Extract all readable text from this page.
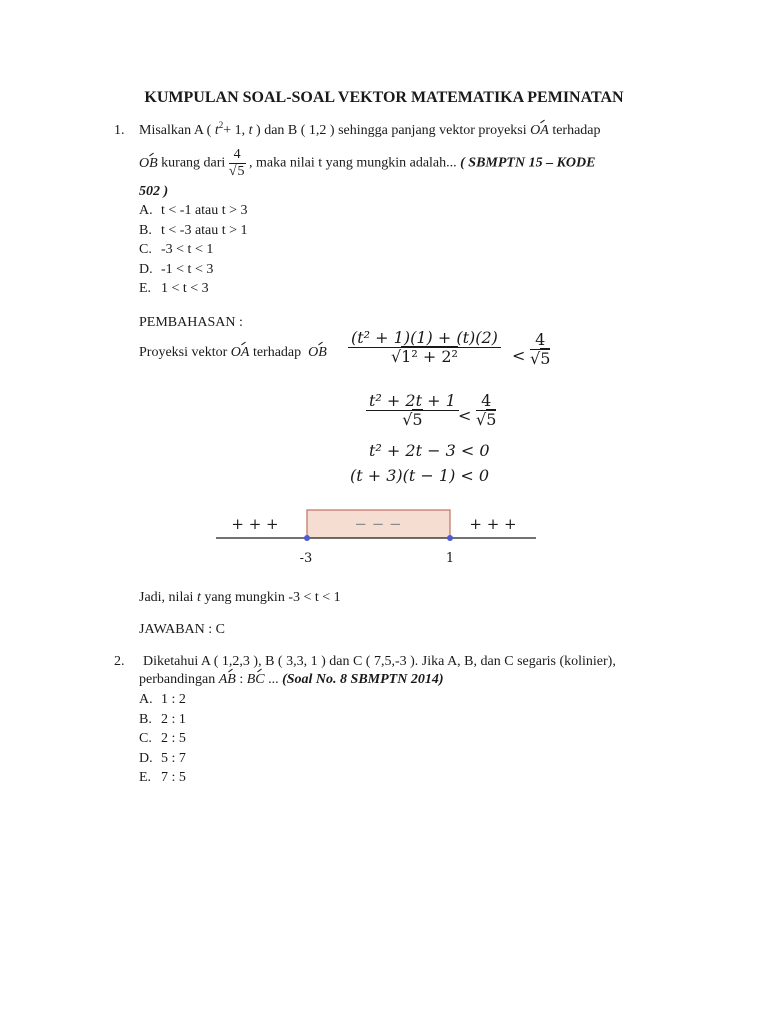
KUMPULAN SOAL-SOAL VEKTOR MATEMATIKA PEMINATAN
1. Misalkan A ( $t^2+ 1$, t ) dan B ( 1,2 ) sehingga panjang vektor proyeksi OA terhadap
OB kurang dari $\frac{4}{√5}$ , maka nilai t yang mungkin adalah... ( SBMPTN 15 – KODE
502 )
A. t < -1 atau t > 3
B. t < -3 atau t > 1
C. -3 < t < 1
D. -1 < t < 3
E. 1 < t < 3
PEMBAHASAN :
Proyeksi vektor OA terhadap OB $\frac{\text{(t² + 1)(1) + (t)(2)}}{\text{√1² + 2²}} < \frac{4}{√5}$
$\frac{\text{t² + 2t + 1}}{√5} < \frac{4}{√5}$
t² + 2t − 3 < 0
(t + 3)(t − 1) < 0
+ + +	− − −	+ + +
-3	1
Jadi, nilai t yang mungkin -3 < t < 1
JAWABAN : C
2. Diketahui A ( 1,2,3 ), B ( 3,3, 1 ) dan C ( 7,5,-3 ). Jika A, B, dan C segaris (kolinier),
perbandingan AB : BC ... (Soal No. 8 SBMPTN 2014)
A. 1 : 2
B. 2 : 1
C. 2 : 5
D. 5 : 7
E. 7 : 5
